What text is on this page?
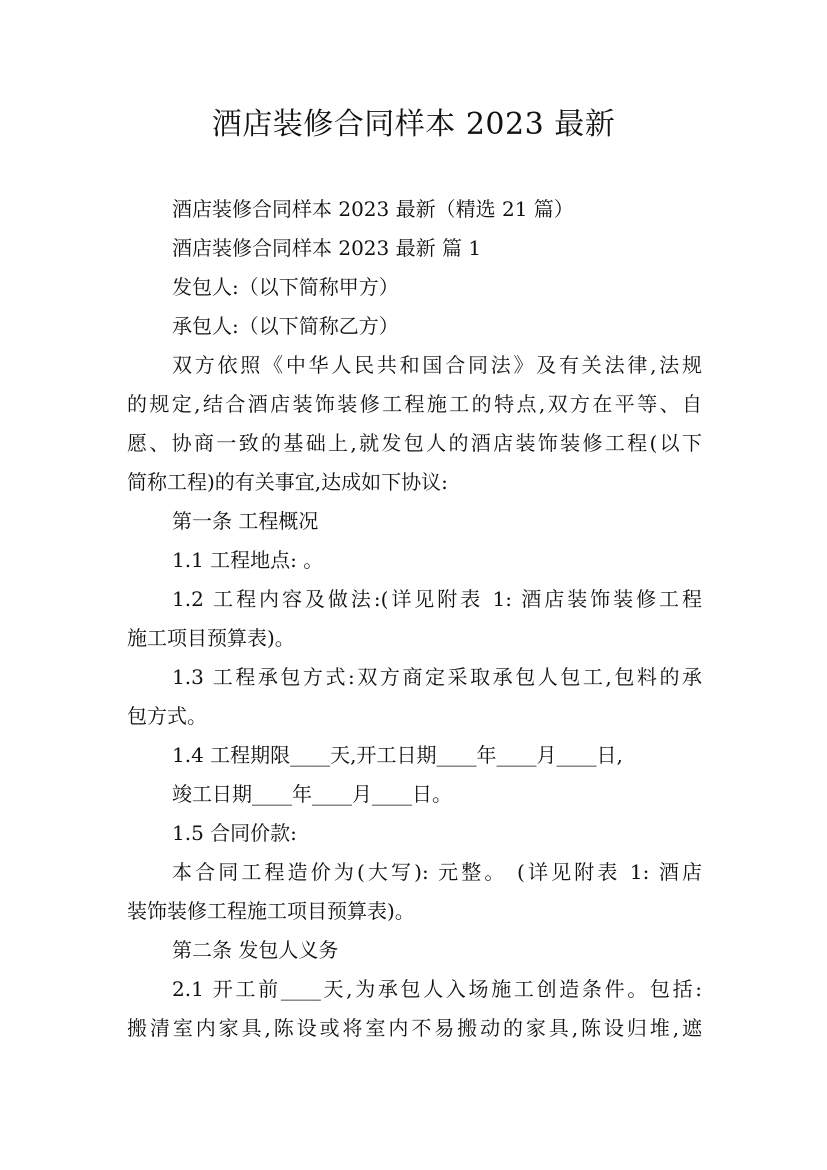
酒店装修合同样本 2023 最新
酒店装修合同样本 2023 最新（精选 21 篇）
酒店装修合同样本 2023 最新 篇 1
发包人:（以下简称甲方）
承包人:（以下简称乙方）
双方依照《中华人民共和国合同法》及有关法律,法规
的规定,结合酒店装饰装修工程施工的特点,双方在平等、自
愿、协商一致的基础上,就发包人的酒店装饰装修工程(以下
简称工程)的有关事宜,达成如下协议:
第一条 工程概况
1.1 工程地点: 。
1.2 工程内容及做法:(详见附表 1: 酒店装饰装修工程
施工项目预算表)。
1.3 工程承包方式:双方商定采取承包人包工,包料的承
包方式。
1.4 工程期限____天,开工日期____年____月____日,
竣工日期____年____月____日。
1.5 合同价款:
本合同工程造价为(大写): 元整。 (详见附表 1: 酒店
装饰装修工程施工项目预算表)。
第二条 发包人义务
2.1 开工前____天,为承包人入场施工创造条件。包括:
搬清室内家具,陈设或将室内不易搬动的家具,陈设归堆,遮
